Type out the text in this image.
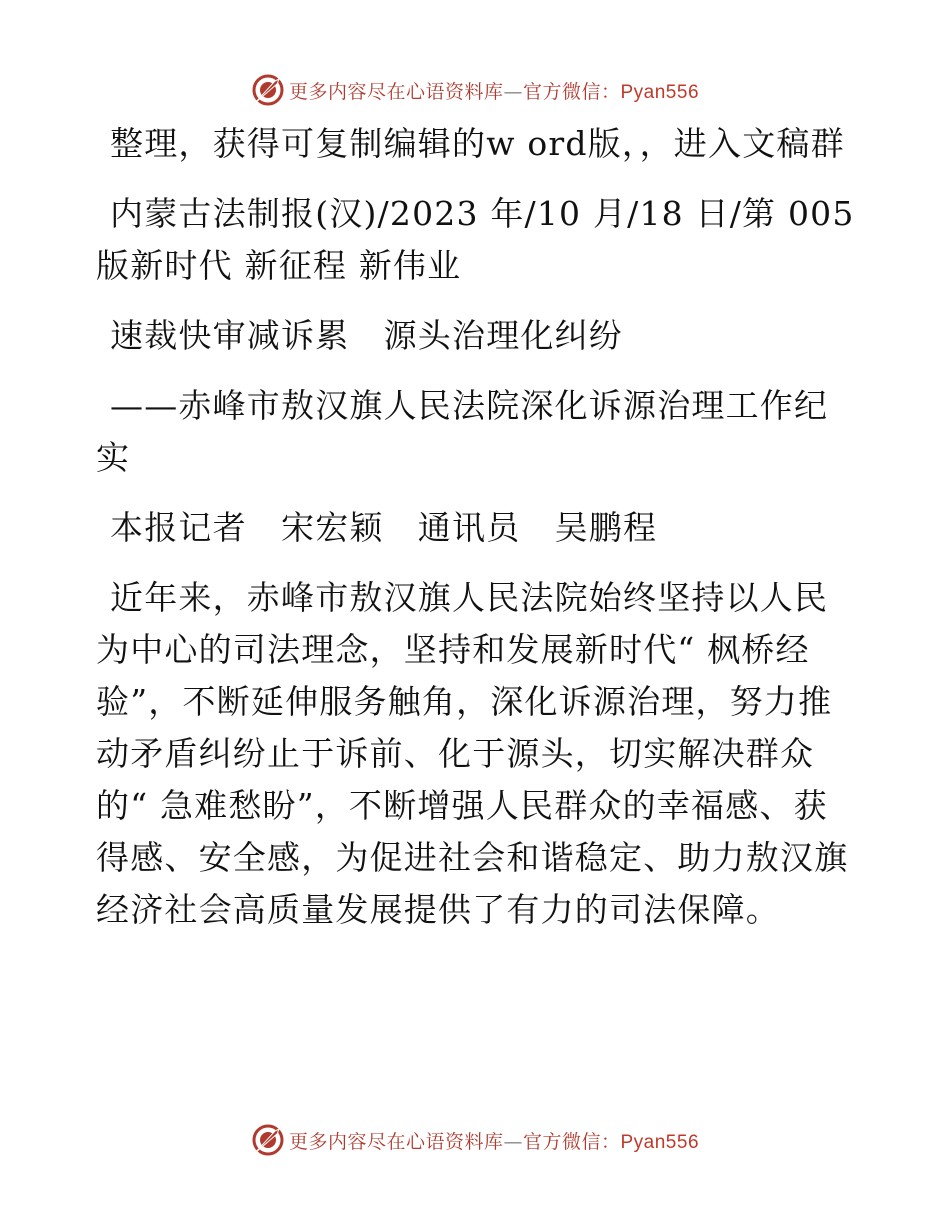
更多内容尽在心语资料库—官方微信：Pyan556

整理，获得可复制编辑的w ord版，，进入文稿群

内蒙古法制报(汉)/2023 年/10 月/18 日/第 005版新时代 新征程 新伟业

速裁快审减诉累　源头治理化纠纷

——赤峰市敖汉旗人民法院深化诉源治理工作纪实

本报记者　宋宏颖　通讯员　吴鹏程

近年来，赤峰市敖汉旗人民法院始终坚持以人民为中心的司法理念，坚持和发展新时代“ 枫桥经验”，不断延伸服务触角，深化诉源治理，努力推动矛盾纠纷止于诉前、化于源头，切实解决群众的“ 急难愁盼”，不断增强人民群众的幸福感、获得感、安全感，为促进社会和谐稳定、助力敖汉旗经济社会高质量发展提供了有力的司法保障。

更多内容尽在心语资料库—官方微信：Pyan556
